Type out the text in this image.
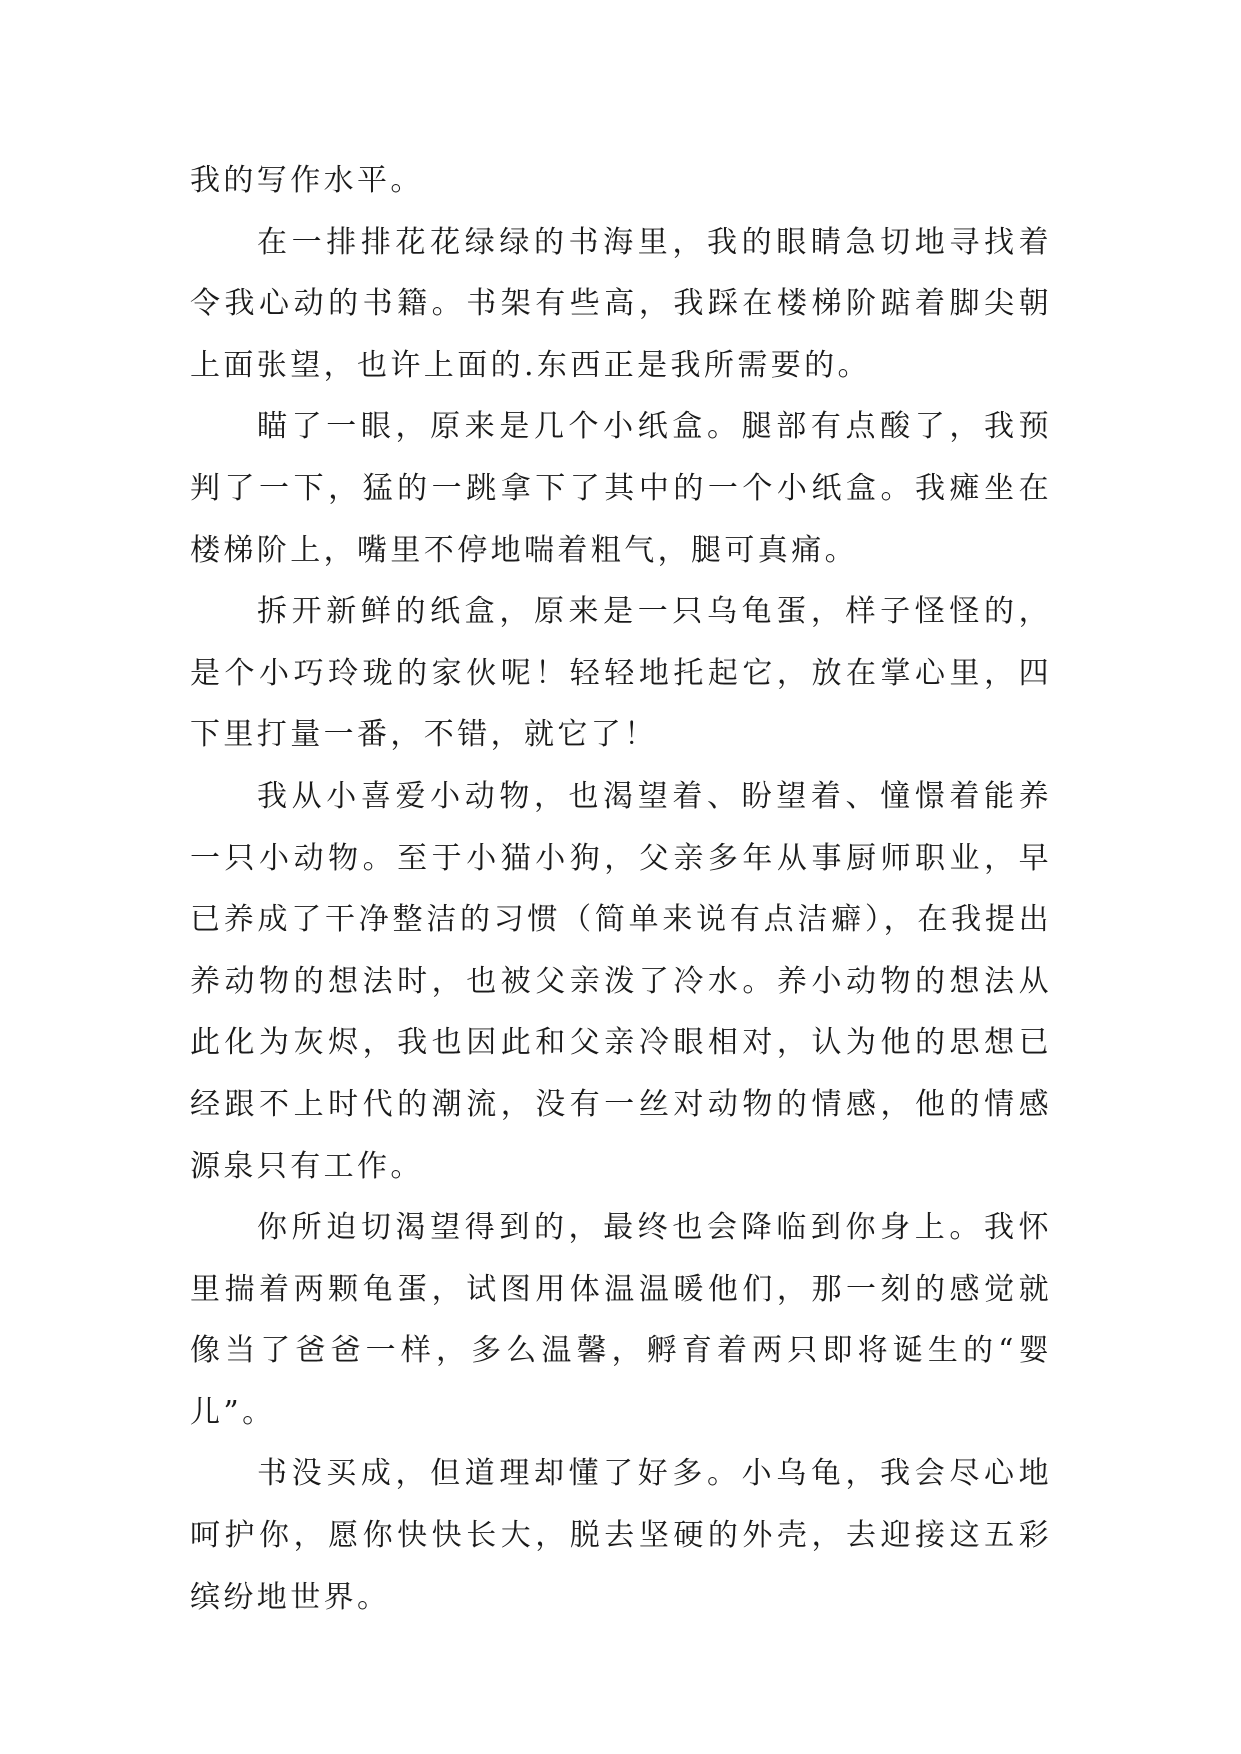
我的写作水平。

在一排排花花绿绿的书海里，我的眼睛急切地寻找着令我心动的书籍。书架有些高，我踩在楼梯阶踮着脚尖朝上面张望，也许上面的.东西正是我所需要的。

瞄了一眼，原来是几个小纸盒。腿部有点酸了，我预判了一下，猛的一跳拿下了其中的一个小纸盒。我瘫坐在楼梯阶上，嘴里不停地喘着粗气，腿可真痛。

拆开新鲜的纸盒，原来是一只乌龟蛋，样子怪怪的，是个小巧玲珑的家伙呢！轻轻地托起它，放在掌心里，四下里打量一番，不错，就它了！

我从小喜爱小动物，也渴望着、盼望着、憧憬着能养一只小动物。至于小猫小狗，父亲多年从事厨师职业，早已养成了干净整洁的习惯（简单来说有点洁癖），在我提出养动物的想法时，也被父亲泼了冷水。养小动物的想法从此化为灰烬，我也因此和父亲冷眼相对，认为他的思想已经跟不上时代的潮流，没有一丝对动物的情感，他的情感源泉只有工作。

你所迫切渴望得到的，最终也会降临到你身上。我怀里揣着两颗龟蛋，试图用体温温暖他们，那一刻的感觉就像当了爸爸一样，多么温馨，孵育着两只即将诞生的“婴儿”。

书没买成，但道理却懂了好多。小乌龟，我会尽心地呵护你，愿你快快长大，脱去坚硬的外壳，去迎接这五彩缤纷地世界。
